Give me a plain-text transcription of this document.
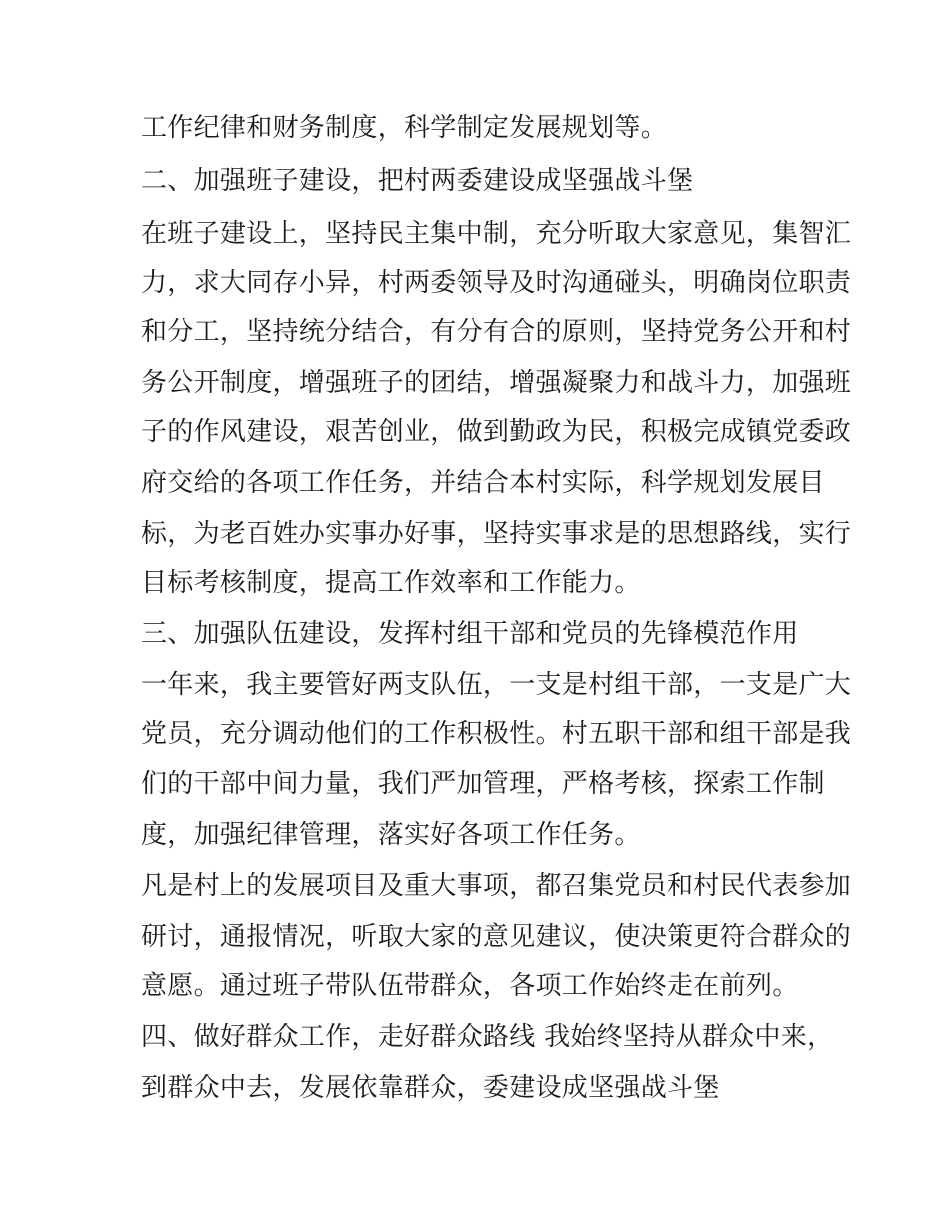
工作纪律和财务制度，科学制定发展规划等。
二、加强班子建设，把村两委建设成坚强战斗堡
在班子建设上，坚持民主集中制，充分听取大家意见，集智汇
力，求大同存小异，村两委领导及时沟通碰头，明确岗位职责
和分工，坚持统分结合，有分有合的原则，坚持党务公开和村
务公开制度，增强班子的团结，增强凝聚力和战斗力，加强班
子的作风建设，艰苦创业，做到勤政为民，积极完成镇党委政
府交给的各项工作任务，并结合本村实际，科学规划发展目
标，为老百姓办实事办好事，坚持实事求是的思想路线，实行
目标考核制度，提高工作效率和工作能力。
三、加强队伍建设，发挥村组干部和党员的先锋模范作用
一年来，我主要管好两支队伍，一支是村组干部，一支是广大
党员，充分调动他们的工作积极性。村五职干部和组干部是我
们的干部中间力量，我们严加管理，严格考核，探索工作制
度，加强纪律管理，落实好各项工作任务。
凡是村上的发展项目及重大事项，都召集党员和村民代表参加
研讨，通报情况，听取大家的意见建议，使决策更符合群众的
意愿。通过班子带队伍带群众，各项工作始终走在前列。
四、做好群众工作，走好群众路线 我始终坚持从群众中来，
到群众中去，发展依靠群众，委建设成坚强战斗堡
